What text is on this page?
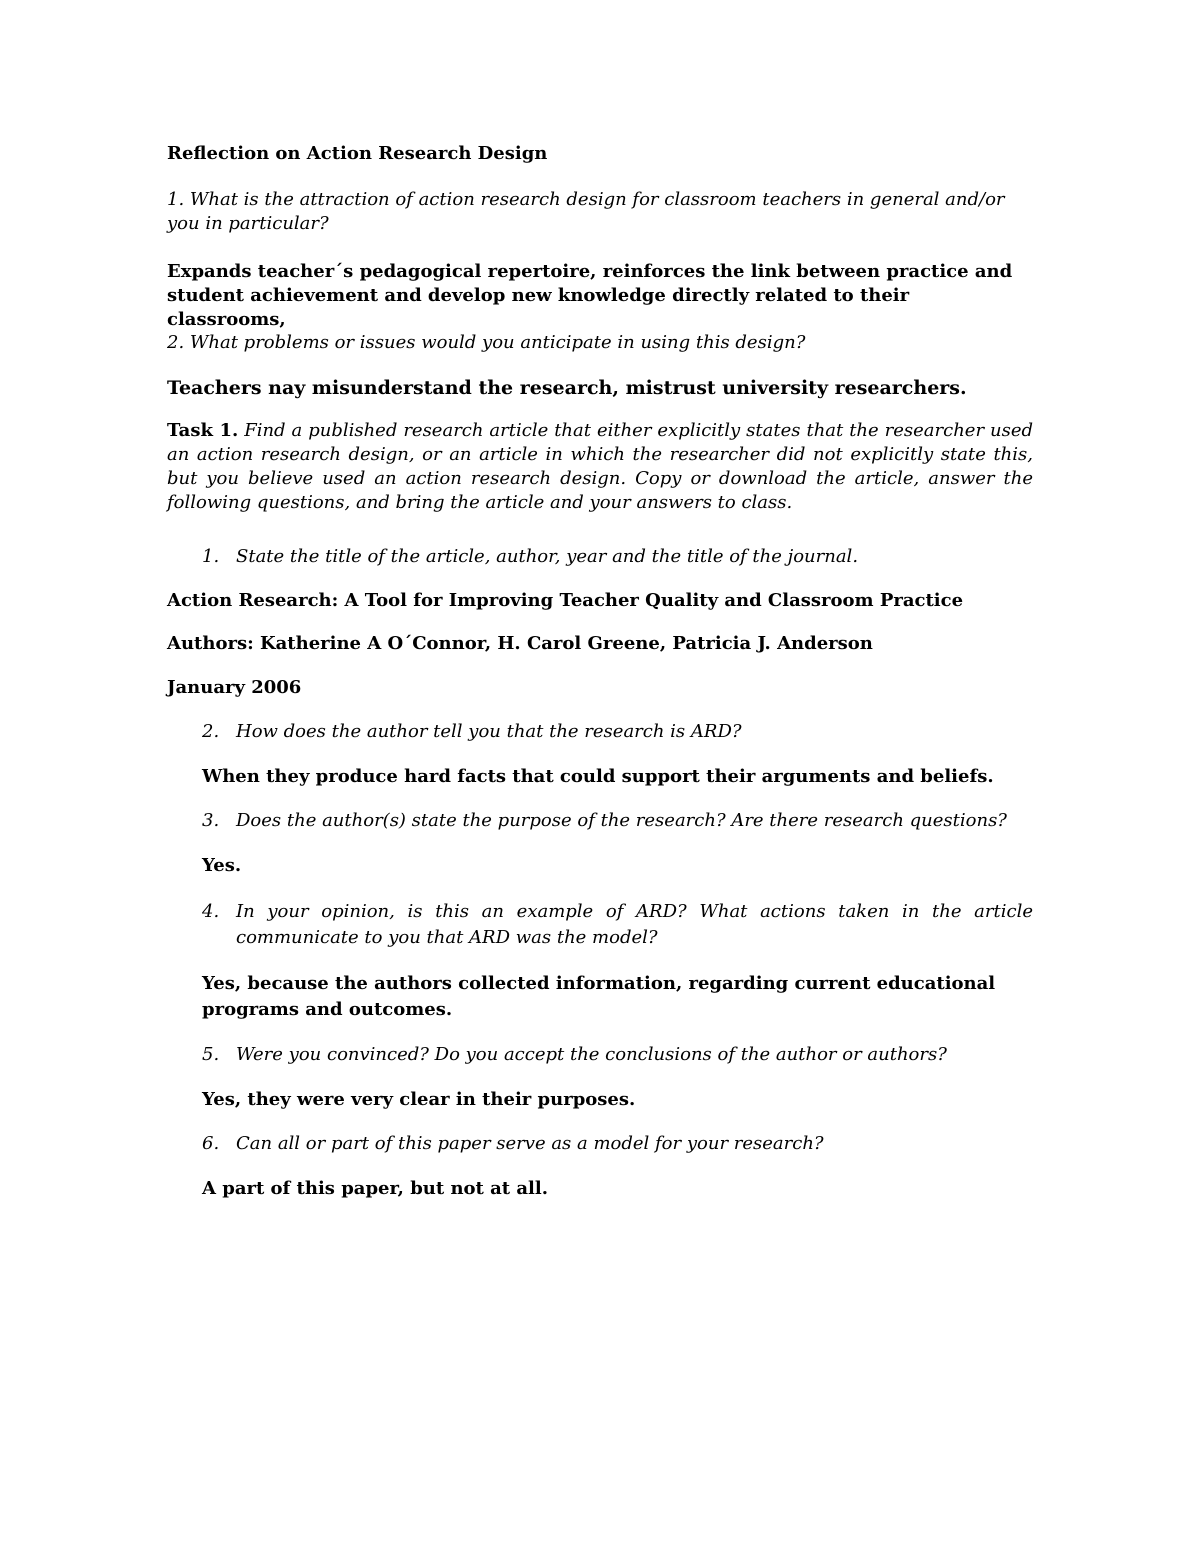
Reflection on Action Research Design
1. What is the attraction of action research design for classroom teachers in general and/or you in particular?
Expands teacher´s pedagogical repertoire, reinforces the link between practice and student achievement and develop new knowledge directly related to their classrooms,
2. What problems or issues would you anticipate in using this design?
Teachers nay misunderstand the research, mistrust university researchers.
Task 1. Find a published research article that either explicitly states that the researcher used an action research design, or an article in which the researcher did not explicitly state this, but you believe used an action research design. Copy or download the article, answer the following questions, and bring the article and your answers to class.
1. State the title of the article, author, year and the title of the journal.
Action Research: A Tool for Improving Teacher Quality and Classroom Practice
Authors: Katherine A O´Connor, H. Carol Greene, Patricia J. Anderson
January 2006
2. How does the author tell you that the research is ARD?
When they produce hard facts that could support their arguments and beliefs.
3. Does the author(s) state the purpose of the research? Are there research questions?
Yes.
4. In your opinion, is this an example of ARD? What actions taken in the article communicate to you that ARD was the model?
Yes, because the authors collected information, regarding current educational programs and outcomes.
5. Were you convinced? Do you accept the conclusions of the author or authors?
Yes, they were very clear in their purposes.
6. Can all or part of this paper serve as a model for your research?
A part of this paper, but not at all.
